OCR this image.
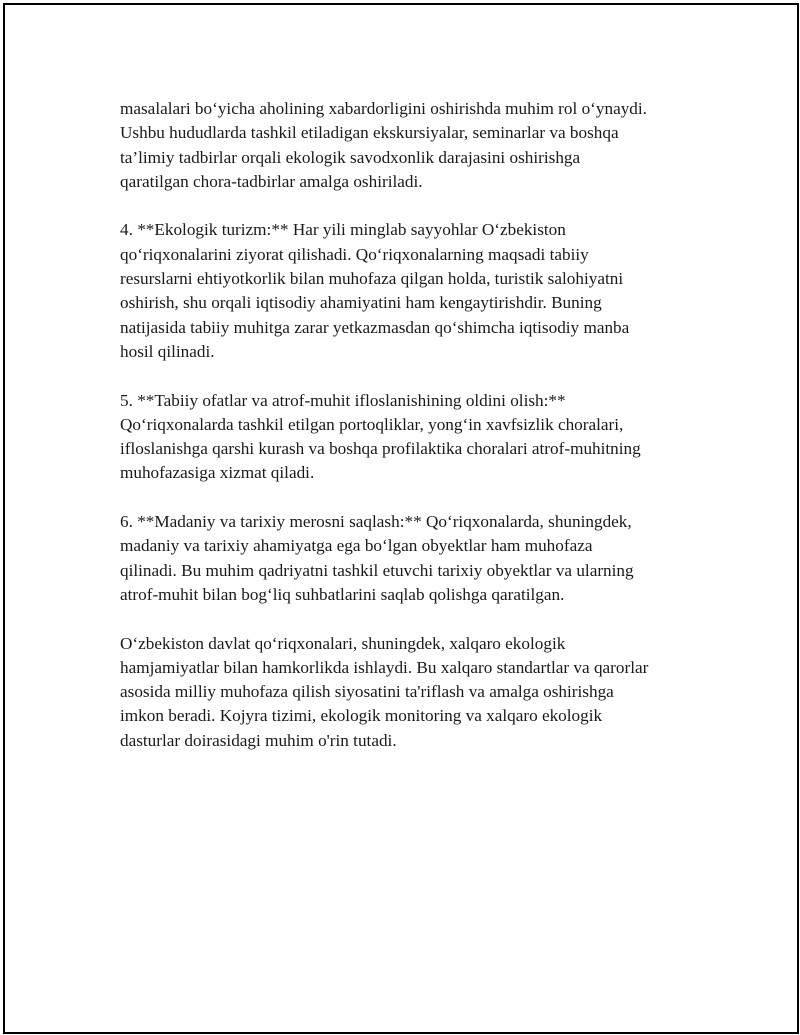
masalalari bo‘yicha aholining xabardorligini oshirishda muhim rol o‘ynaydi.
Ushbu hududlarda tashkil etiladigan ekskursiyalar, seminarlar va boshqa
ta’limiy tadbirlar orqali ekologik savodxonlik darajasini oshirishga
qaratilgan chora-tadbirlar amalga oshiriladi.

4. **Ekologik turizm:** Har yili minglab sayyohlar O‘zbekiston
qo‘riqxonalarini ziyorat qilishadi. Qo‘riqxonalarning maqsadi tabiiy
resurslarni ehtiyotkorlik bilan muhofaza qilgan holda, turistik salohiyatni
oshirish, shu orqali iqtisodiy ahamiyatini ham kengaytirishdir. Buning
natijasida tabiiy muhitga zarar yetkazmasdan qo‘shimcha iqtisodiy manba
hosil qilinadi.

5. **Tabiiy ofatlar va atrof-muhit ifloslanishining oldini olish:**
Qo‘riqxonalarda tashkil etilgan portoqliklar, yong‘in xavfsizlik choralari,
ifloslanishga qarshi kurash va boshqa profilaktika choralari atrof-muhitning
muhofazasiga xizmat qiladi.

6. **Madaniy va tarixiy merosni saqlash:** Qo‘riqxonalarda, shuningdek,
madaniy va tarixiy ahamiyatga ega bo‘lgan obyektlar ham muhofaza
qilinadi. Bu muhim qadriyatni tashkil etuvchi tarixiy obyektlar va ularning
atrof-muhit bilan bog‘liq suhbatlarini saqlab qolishga qaratilgan.

O‘zbekiston davlat qo‘riqxonalari, shuningdek, xalqaro ekologik
hamjamiyatlar bilan hamkorlikda ishlaydi. Bu xalqaro standartlar va qarorlar
asosida milliy muhofaza qilish siyosatini ta'riflash va amalga oshirishga
imkon beradi. Kojyra tizimi, ekologik monitoring va xalqaro ekologik
dasturlar doirasidagi muhim o'rin tutadi.
